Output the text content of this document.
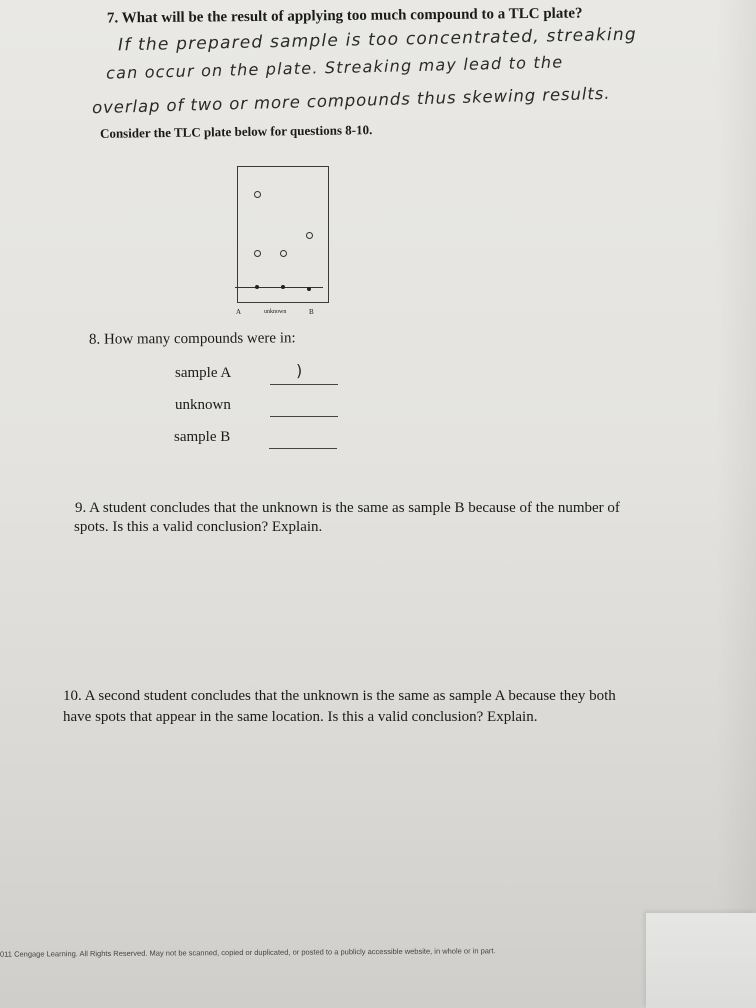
7. What will be the result of applying too much compound to a TLC plate?
If the prepared sample is too concentrated, streaking
can occur on the plate. Streaking may lead to the
overlap of two or more compounds thus skewing results.
Consider the TLC plate below for questions 8-10.
A	unknown	B
8. How many compounds were in:
sample A	)
unknown
sample B
9. A student concludes that the unknown is the same as sample B because of the number of
spots. Is this a valid conclusion? Explain.
10. A second student concludes that the unknown is the same as sample A because they both
have spots that appear in the same location. Is this a valid conclusion? Explain.
011 Cengage Learning. All Rights Reserved. May not be scanned, copied or duplicated, or posted to a publicly accessible website, in whole or in part.
